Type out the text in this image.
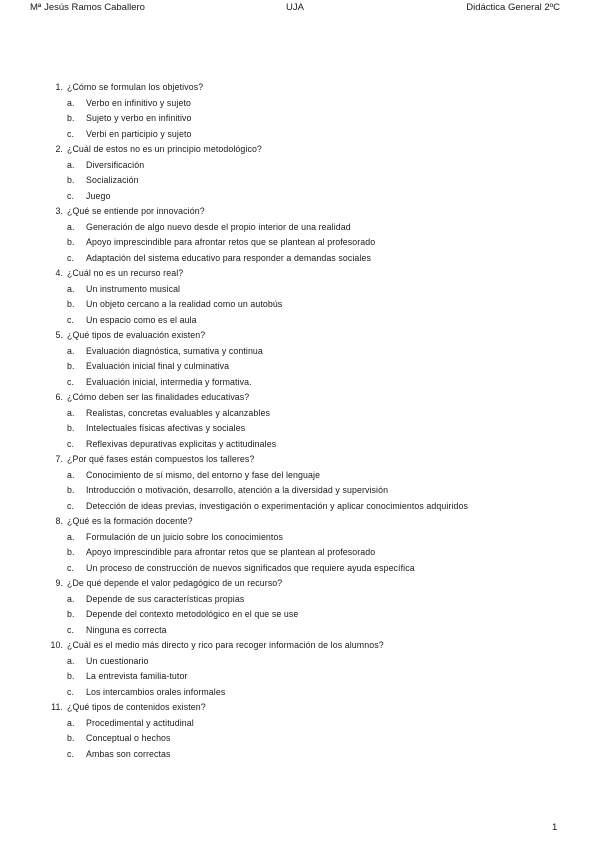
Mª Jesús Ramos Caballero	UJA	Didáctica General 2ºC
1. ¿Cómo se formulan los objetivos?
a. Verbo en infinitivo y sujeto
b. Sujeto y verbo en infinitivo
c. Verbi en participio y sujeto
2. ¿Cuál de estos no es un principio metodológico?
a. Diversificación
b. Socialización
c. Juego
3. ¿Qué se entiende por innovación?
a. Generación de algo nuevo desde el propio interior de una realidad
b. Apoyo imprescindible para afrontar retos que se plantean al profesorado
c. Adaptación del sistema educativo para responder a demandas sociales
4. ¿Cuál no es un recurso real?
a. Un instrumento musical
b. Un objeto cercano a la realidad como un autobús
c. Un espacio como es el aula
5. ¿Qué tipos de evaluación existen?
a. Evaluación diagnóstica, sumativa y continua
b. Evaluación inicial final y culminativa
c. Evaluación inicial, intermedia y formativa.
6. ¿Cómo deben ser las finalidades educativas?
a. Realistas, concretas evaluables y alcanzables
b. Intelectuales físicas afectivas y sociales
c. Reflexivas depurativas explicitas y actitudinales
7. ¿Por qué fases están compuestos los talleres?
a. Conocimiento de sí mismo, del entorno y fase del lenguaje
b. Introducción o motivación, desarrollo, atención a la diversidad y supervisión
c. Detección de ideas previas, investigación o experimentación y aplicar conocimientos adquiridos
8. ¿Qué es la formación docente?
a. Formulación de un juicio sobre los conocimientos
b. Apoyo imprescindible para afrontar retos que se plantean al profesorado
c. Un proceso de construcción de nuevos significados que requiere ayuda específica
9. ¿De qué depende el valor pedagógico de un recurso?
a. Depende de sus características propias
b. Depende del contexto metodológico en el que se use
c. Ninguna es correcta
10. ¿Cuál es el medio más directo y rico para recoger información de los alumnos?
a. Un cuestionario
b. La entrevista familia-tutor
c. Los intercambios orales informales
11. ¿Qué tipos de contenidos existen?
a. Procedimental y actitudinal
b. Conceptual o hechos
c. Ambas son correctas
1
